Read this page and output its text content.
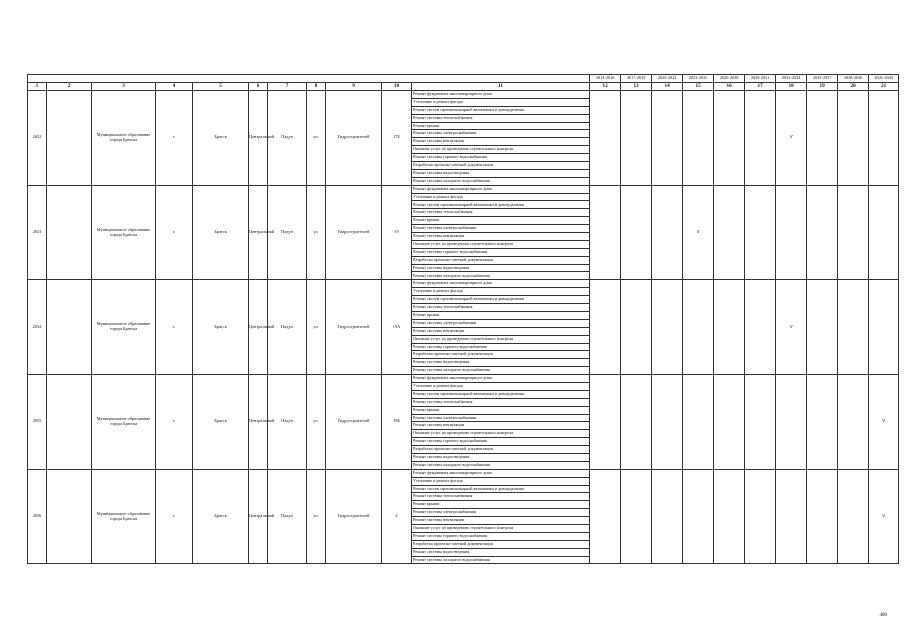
											2014-2016	2017-2019	2020-2022	2023-2025	2026-2028	2029-2031	2032-2034	2035-2037	2038-2040	2041-2043
1	2	3	4	5	6	7	8	9	10	11	12	13	14	15	16	17	18	19	20	21
2652		Муниципальное образование города Братска	г.	Братск	Центральный	Падун	ул.	Гидростроителей	17Б	Ремонт фундамента многоквартирного дома							V			
										Утепление и ремонт фасада										
										Ремонт систем противопожарной автоматики и дымоудаления										
										Ремонт системы теплоснабжения										
										Ремонт крыши										
										Ремонт системы электроснабжения										
										Ремонт системы вентиляции										
										Оказание услуг по проведению строительного контроля										
										Ремонт системы горячего водоснабжения										
										Разработка проектно-сметной документации										
										Ремонт системы водоотведения										
										Ремонт системы холодного водоснабжения										
2653		Муниципальное образование города Братска	г.	Братск	Центральный	Падун	ул.	Гидростроителей	19	Ремонт фундамента многоквартирного дома				V						
										Утепление и ремонт фасада										
										Ремонт систем противопожарной автоматики и дымоудаления										
										Ремонт системы теплоснабжения										
										Ремонт крыши										
										Ремонт системы электроснабжения										
										Ремонт системы вентиляции										
										Оказание услуг по проведению строительного контроля										
										Ремонт системы горячего водоснабжения										
										Разработка проектно-сметной документации										
										Ремонт системы водоотведения										
										Ремонт системы холодного водоснабжения										
2654		Муниципальное образование города Братска	г.	Братск	Центральный	Падун	ул.	Гидростроителей	19А	Ремонт фундамента многоквартирного дома							V			
										Утепление и ремонт фасада										
										Ремонт систем противопожарной автоматики и дымоудаления										
										Ремонт системы теплоснабжения										
										Ремонт крыши										
										Ремонт системы электроснабжения										
										Ремонт системы вентиляции										
										Оказание услуг по проведению строительного контроля										
										Ремонт системы горячего водоснабжения										
										Разработка проектно-сметной документации										
										Ремонт системы водоотведения										
										Ремонт системы холодного водоснабжения										
2655		Муниципальное образование города Братска	г.	Братск	Центральный	Падун	ул.	Гидростроителей	19Б	Ремонт фундамента многоквартирного дома										V
										Утепление и ремонт фасада										
										Ремонт систем противопожарной автоматики и дымоудаления										
										Ремонт системы теплоснабжения										
										Ремонт крыши										
										Ремонт системы электроснабжения										
										Ремонт системы вентиляции										
										Оказание услуг по проведению строительного контроля										
										Ремонт системы горячего водоснабжения										
										Разработка проектно-сметной документации										
										Ремонт системы водоотведения										
										Ремонт системы холодного водоснабжения										
2656		Муниципальное образование города Братска	г.	Братск	Центральный	Падун	ул.	Гидростроителей	2	Ремонт фундамента многоквартирного дома										V
										Утепление и ремонт фасада										
										Ремонт систем противопожарной автоматики и дымоудаления										
										Ремонт системы теплоснабжения										
										Ремонт крыши										
										Ремонт системы электроснабжения										
										Ремонт системы вентиляции										
										Оказание услуг по проведению строительного контроля										
										Ремонт системы горячего водоснабжения										
										Разработка проектно-сметной документации										
										Ремонт системы водоотведения										
										Ремонт системы холодного водоснабжения										
480
